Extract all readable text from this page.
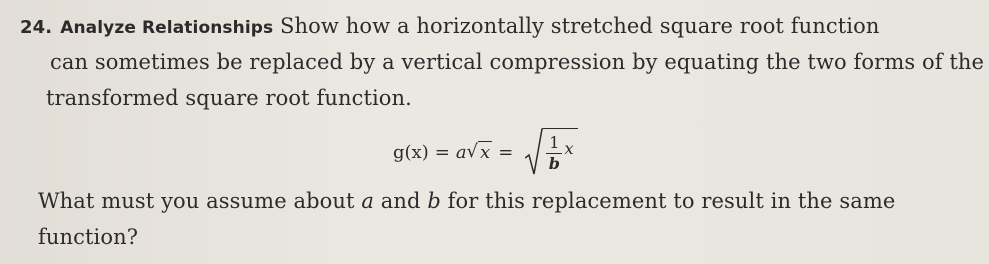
24. Analyze Relationships Show how a horizontally stretched square root function
can sometimes be replaced by a vertical compression by equating the two forms of the
transformed square root function.
g(x) = a √ $x = \frac{1}{b}$ x
What must you assume about a and b for this replacement to result in the same
function?
